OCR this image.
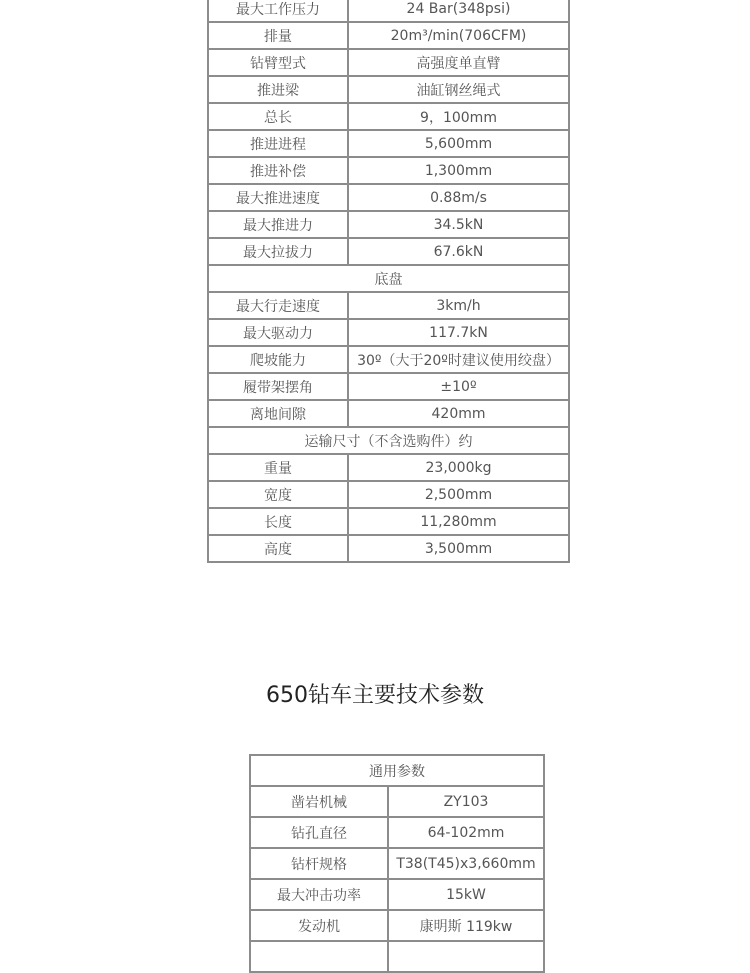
最大工作压力	24 Bar(348psi)
排量	20m³/min(706CFM)
钻臂型式	高强度单直臂
推进梁	油缸钢丝绳式
总长	9，100mm
推进进程	5,600mm
推进补偿	1,300mm
最大推进速度	0.88m/s
最大推进力	34.5kN
最大拉拔力	67.6kN
底盘	
最大行走速度	3km/h
最大驱动力	117.7kN
爬坡能力	30º（大于20º时建议使用绞盘）
履带架摆角	±10º
离地间隙	420mm
运输尺寸（不含选购件）约	
重量	23,000kg
宽度	2,500mm
长度	11,280mm
高度	3,500mm
650钻车主要技术参数
通用参数	
凿岩机械	ZY103
钻孔直径	64-102mm
钻杆规格	T38(T45)x3,660mm
最大冲击功率	15kW
发动机	康明斯 119kw
